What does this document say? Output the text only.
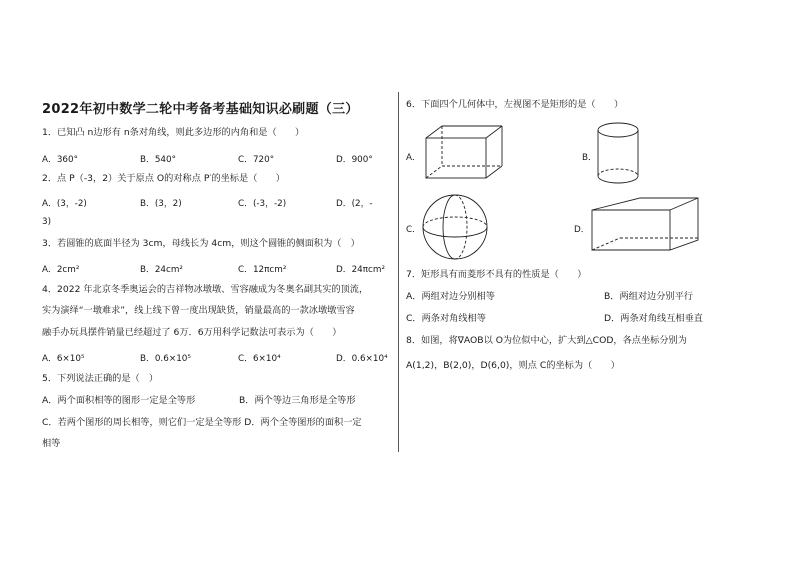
2022年初中数学二轮中考备考基础知识必刷题（三）
1．已知凸 n边形有 n条对角线，则此多边形的内角和是（　　）
A．360°	B．540°	C．720°	D．900°
2．点 P（-3，2）关于原点 O的对称点 P′的坐标是（　　）
A．(3，-2)	B．(3，2)	C．(-3，-2)	D．(2，-
3)
3．若圆锥的底面半径为 3cm，母线长为 4cm，则这个圆锥的侧面积为（　）
A．2cm²	B．24cm²	C．12πcm²	D．24πcm²
4．2022 年北京冬季奥运会的吉祥物冰墩墩、雪容融成为冬奥名副其实的顶流，
实为演绎“一墩难求”，线上线下曾一度出现缺货，销量最高的一款冰墩墩雪容
融手办玩具摆件销量已经超过了 6万．6万用科学记数法可表示为（　　）
A．6×10⁵	B．0.6×10⁵	C．6×10⁴	D．0.6×10⁴
5．下列说法正确的是（　）
A．两个面积相等的图形一定是全等形	B．两个等边三角形是全等形
C．若两个图形的周长相等，则它们一定是全等形 D．两个全等图形的面积一定
相等
6．下面四个几何体中，左视图不是矩形的是（　　）
A．	B．
C．	D．
7．矩形具有而菱形不具有的性质是（　　）
A．两组对边分别相等	B．两组对边分别平行
C．两条对角线相等	D．两条对角线互相垂直
8．如图，将∇AOB以 O为位似中心，扩大到△COD，各点坐标分别为
A(1,2)，B(2,0)，D(6,0)，则点 C的坐标为（　　）
